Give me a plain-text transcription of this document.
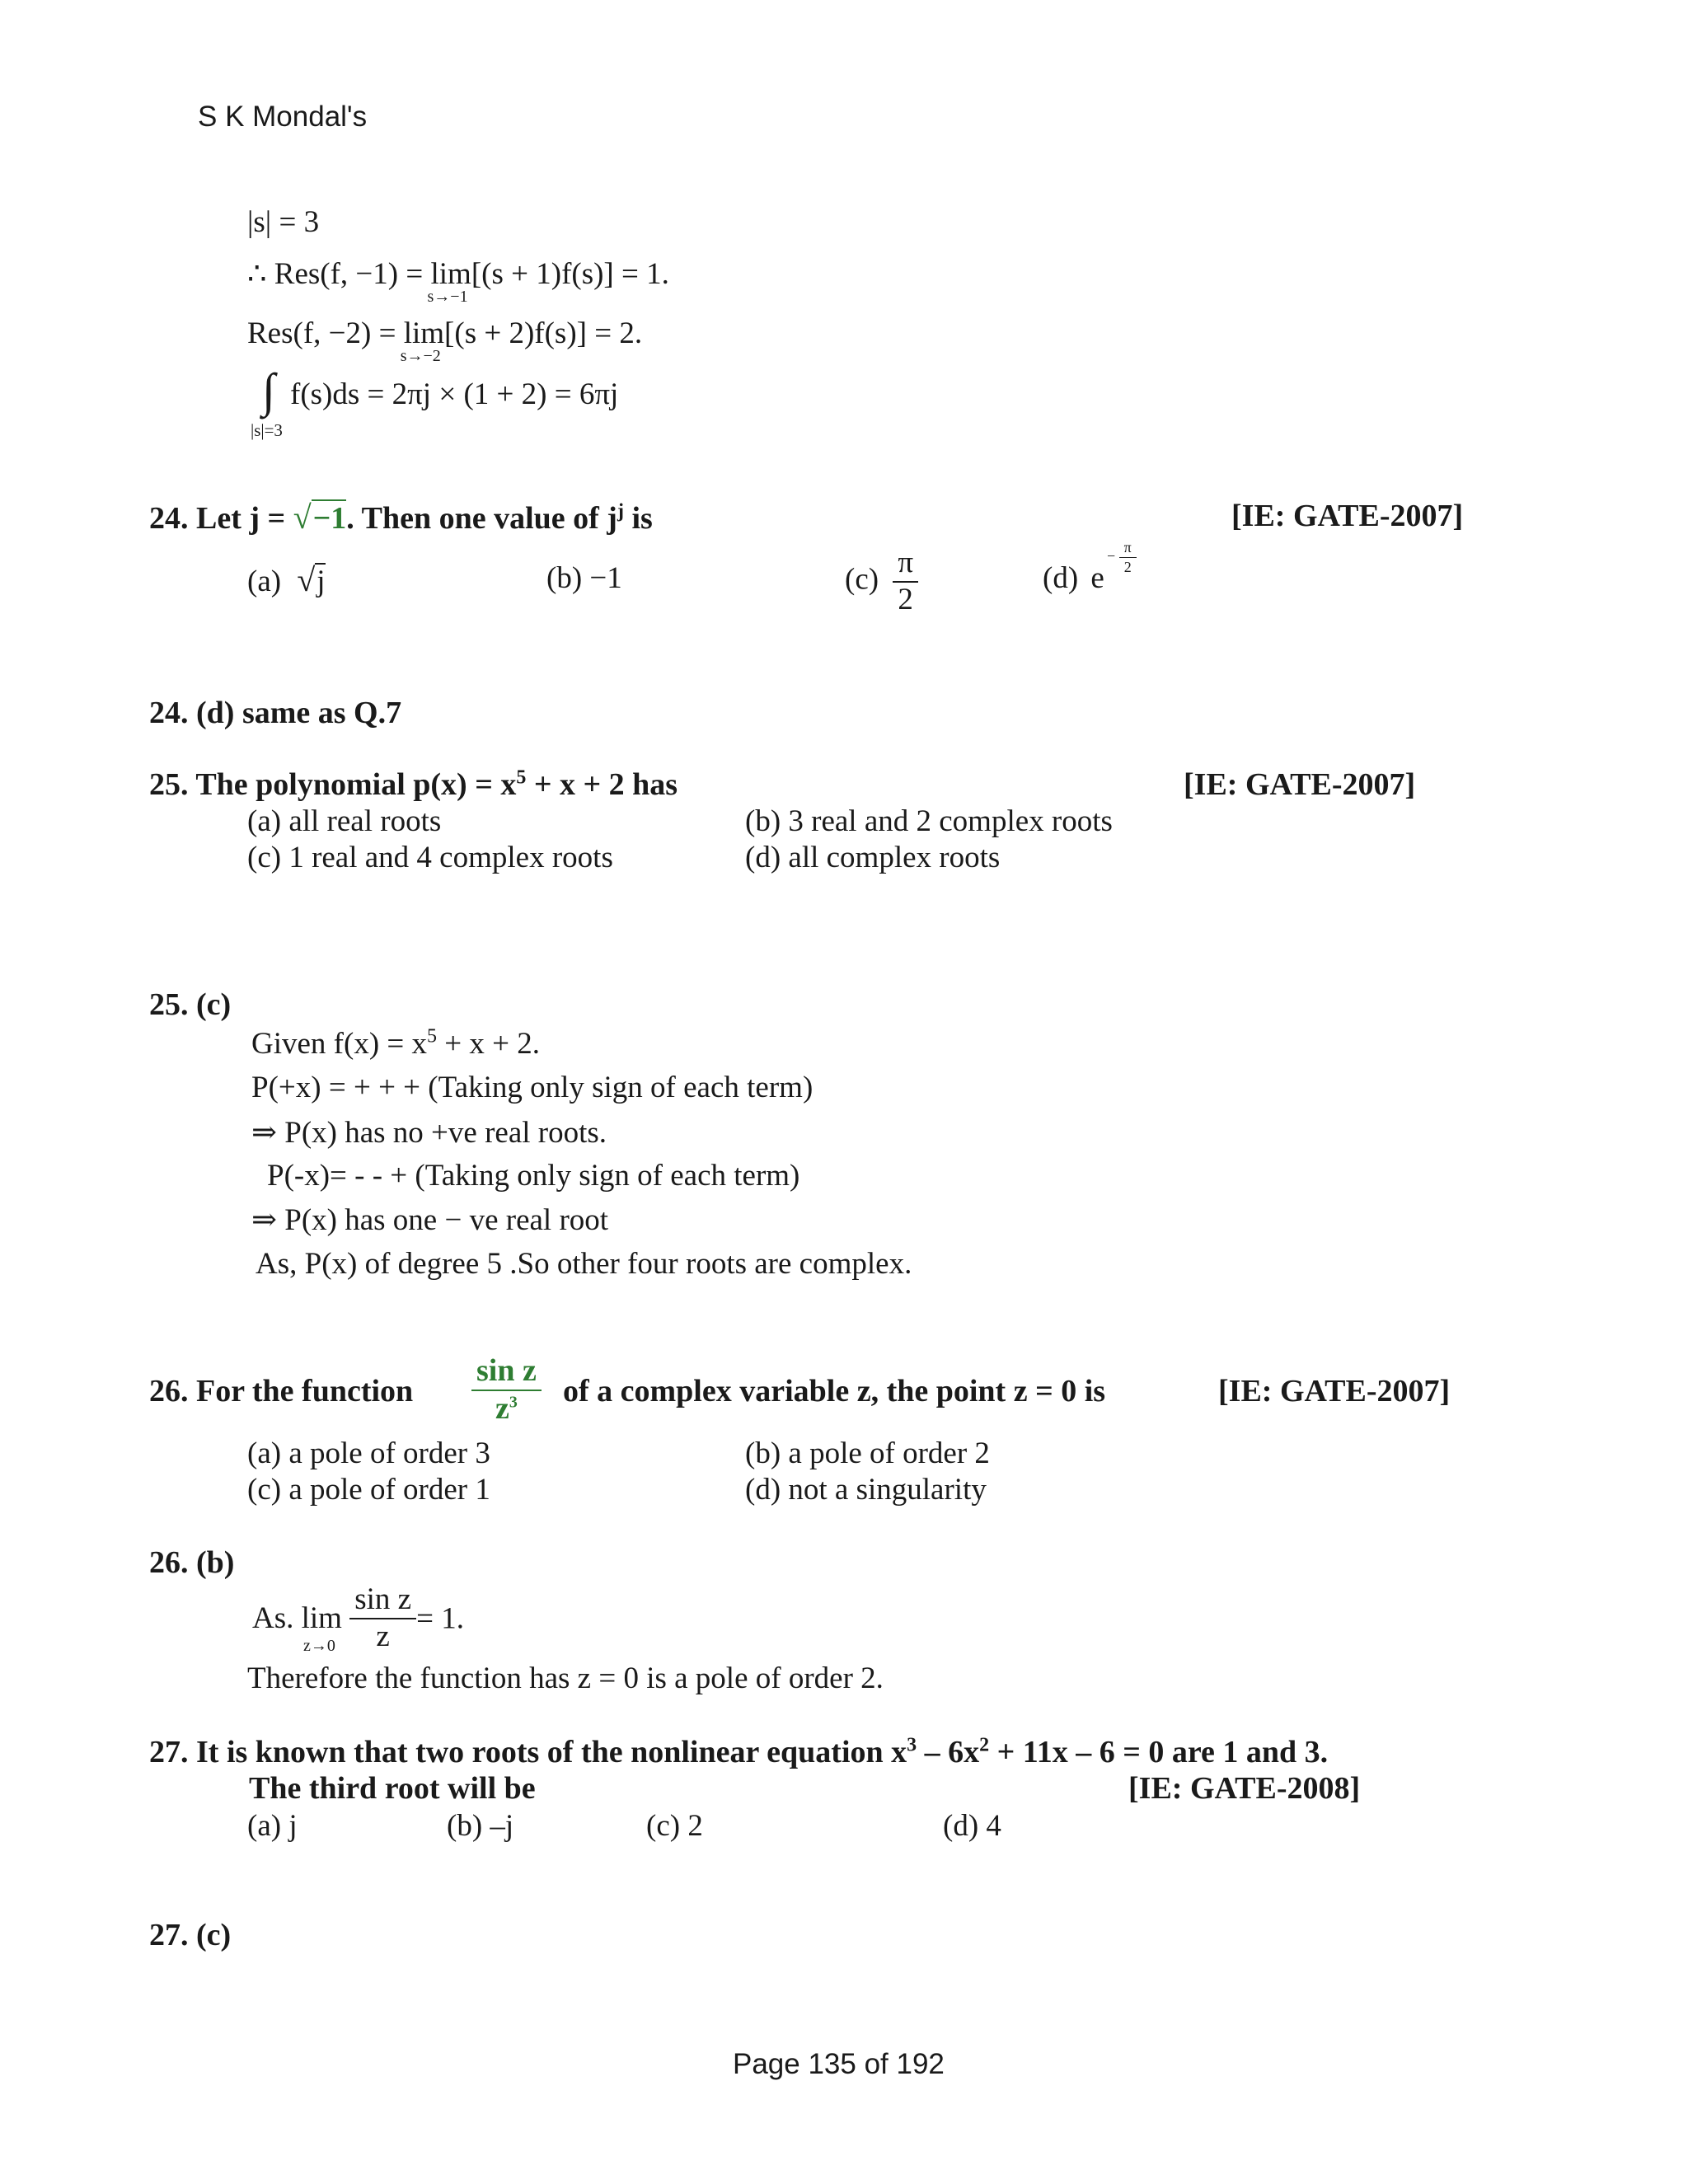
S K Mondal's
|s| = 3
∴ Res(f, −1) = lim
s→−1
[(s + 1)f(s)] = 1.
Res(f, −2) = lim
s→−2
[(s + 2)f(s)] = 2.
∫ f(s)ds = 2πj × (1 + 2) = 6πj
|s|=3
24. Let j = √−1. Then one value of $j^j$ is	[IE: GATE-2007]
(a) √j	(b) −1	$(c) \frac{\pi}{2}$	(d) e
− $\frac{\pi}{2}$
24. (d) same as Q.7
25. The polynomial $p(x) = x^5 + x + 2$ has	[IE: GATE-2007]
(a) all real roots	(b) 3 real and 2 complex roots
(c) 1 real and 4 complex roots	(d) all complex roots
25. (c)
Given $f(x) = x^5 + x + 2$.
P(+x) = + + + (Taking only sign of each term)
⇒ P(x) has no +ve real roots.
P(-x)= - - + (Taking only sign of each term)
⇒ P(x) has one − ve real root
As, P(x) of degree 5 .So other four roots are complex.
26. For the function $\frac{\text{sin z}}{z^3}$ of a complex variable z, the point z = 0 is	[IE: GATE-2007]
(a) a pole of order 3	(b) a pole of order 2
(c) a pole of order 1	(d) not a singularity
26. (b)
As. lim
z→0
$\frac{\text{sin z}}{z} = 1$.
Therefore the function has z = 0 is a pole of order 2.
27. It is known that two roots of the nonlinear equation $x^3 - 6x^2 + 11x - 6 = 0$ are 1 and 3.
The third root will be	[IE: GATE-2008]
(a) j	(b) –j	(c) 2	(d) 4
27. (c)
Page 135 of 192
